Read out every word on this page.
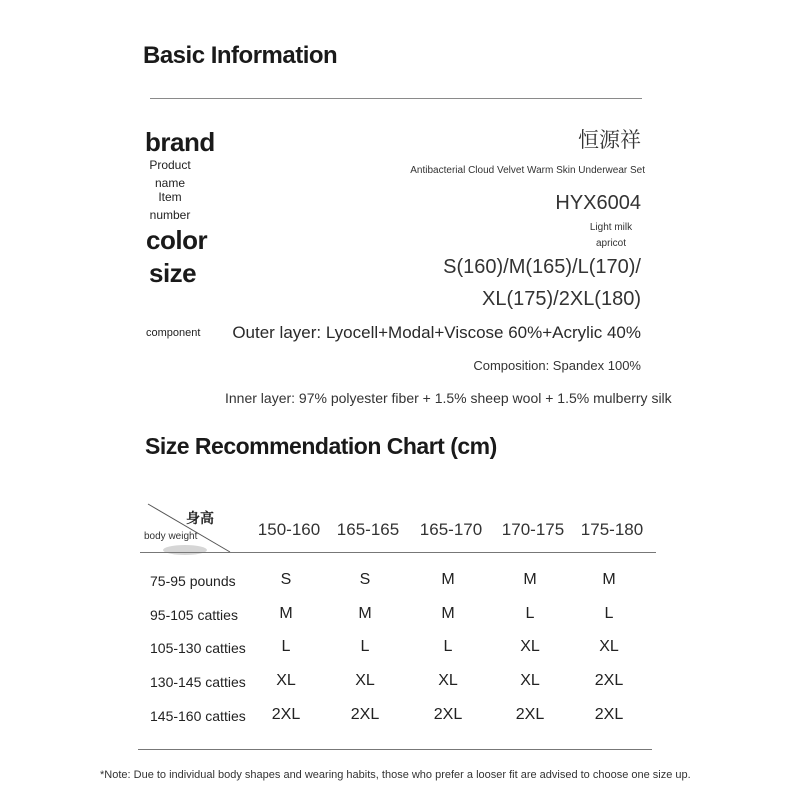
Basic Information
brand	恒源祥
Product
name
Antibacterial Cloud Velvet Warm Skin Underwear Set
Item
number
HYX6004
color	Light milk
apricot
size	S(160)/M(165)/L(170)/
XL(175)/2XL(180)
component Outer layer: Lyocell+Modal+Viscose 60%+Acrylic 40%
Composition: Spandex 100%
Inner layer: 97% polyester fiber + 1.5% sheep wool + 1.5% mulberry silk
Size Recommendation Chart (cm)
身高
body weight	150-160 165-165	165-170	170-175 175-180
75-95 pounds	S	S	M	M	M
95-105 catties	M	M	M	L	L
105-130 catties	L	L	L	XL	XL
130-145 catties	XL	XL	XL	XL	2XL
145-160 catties	2XL	2XL	2XL	2XL	2XL
*Note: Due to individual body shapes and wearing habits, those who prefer a looser fit are advised to choose one size up.
